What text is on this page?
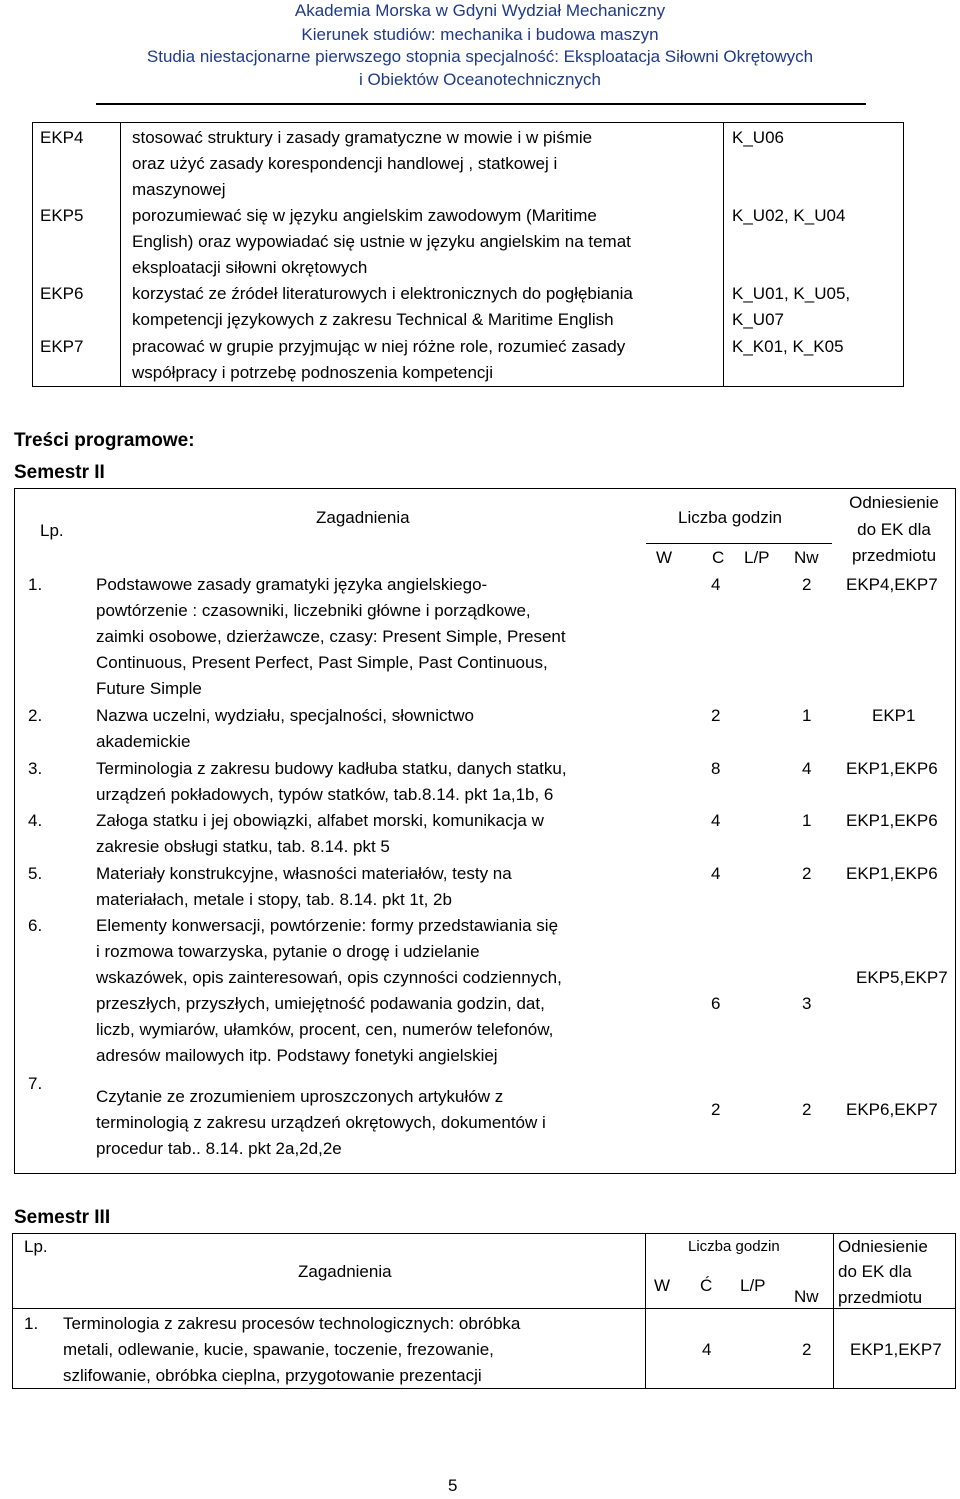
Akademia Morska w Gdyni Wydział Mechaniczny
Kierunek studiów: mechanika i budowa maszyn
Studia niestacjonarne pierwszego stopnia specjalność: Eksploatacja Siłowni Okrętowych
i Obiektów Oceanotechnicznych
EKP4	stosować struktury i zasady gramatyczne w mowie i w piśmie
oraz użyć zasady korespondencji handlowej , statkowej i
maszynowej
K_U06
EKP5	porozumiewać się w języku angielskim zawodowym (Maritime
English) oraz wypowiadać się ustnie w języku angielskim na temat
eksploatacji siłowni okrętowych
K_U02, K_U04
EKP6	korzystać ze źródeł literaturowych i elektronicznych do pogłębiania
kompetencji językowych z zakresu Technical & Maritime English
K_U01, K_U05,
K_U07
EKP7	pracować w grupie przyjmując w niej różne role, rozumieć zasady
współpracy i potrzebę podnoszenia kompetencji
K_K01, K_K05
Treści programowe:
Semestr II
Lp.
Zagadnienia	Liczba godzin
W C L/P Nw
Odniesienie
do EK dla
przedmiotu
1.	Podstawowe zasady gramatyki języka angielskiego-
powtórzenie : czasowniki, liczebniki główne i porządkowe,
zaimki osobowe, dzierżawcze, czasy: Present Simple, Present
Continuous, Present Perfect, Past Simple, Past Continuous,
Future Simple
4	2 EKP4,EKP7
2.	Nazwa uczelni, wydziału, specjalności, słownictwo
akademickie
2	1	EKP1
3.	Terminologia z zakresu budowy kadłuba statku, danych statku,
urządzeń pokładowych, typów statków, tab.8.14. pkt 1a,1b, 6
8	4 EKP1,EKP6
4.	Załoga statku i jej obowiązki, alfabet morski, komunikacja w
zakresie obsługi statku, tab. 8.14. pkt 5
4	1 EKP1,EKP6
5.	Materiały konstrukcyjne, własności materiałów, testy na
materiałach, metale i stopy, tab. 8.14. pkt 1t, 2b
4	2 EKP1,EKP6
6.	Elementy konwersacji, powtórzenie: formy przedstawiania się
i rozmowa towarzyska, pytanie o drogę i udzielanie
wskazówek, opis zainteresowań, opis czynności codziennych,
przeszłych, przyszłych, umiejętność podawania godzin, dat,
liczb, wymiarów, ułamków, procent, cen, numerów telefonów,
adresów mailowych itp. Podstawy fonetyki angielskiej
6	3
EKP5,EKP7
7.
Czytanie ze zrozumieniem uproszczonych artykułów z
terminologią z zakresu urządzeń okrętowych, dokumentów i
procedur tab.. 8.14. pkt 2a,2d,2e
2	2 EKP6,EKP7
Semestr III
Lp.
Zagadnienia
Liczba godzin
W Ć L/P
Nw
Odniesienie
do EK dla
przedmiotu
1. Terminologia z zakresu procesów technologicznych: obróbka
metali, odlewanie, kucie, spawanie, toczenie, frezowanie,
szlifowanie, obróbka cieplna, przygotowanie prezentacji
4	2 EKP1,EKP7
5
